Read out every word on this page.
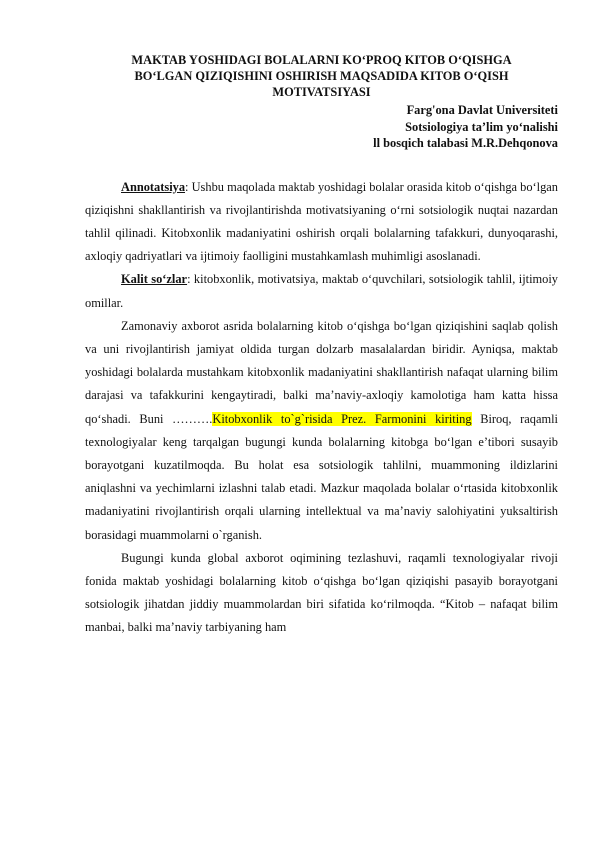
MAKTAB YOSHIDAGI BOLALARNI KO‘PROQ KITOB O‘QISHGA
BO‘LGAN QIZIQISHINI OSHIRISH MAQSADIDA KITOB O‘QISH
MOTIVATSIYASI
Farg'ona Davlat Universiteti
Sotsiologiya ta’lim yo‘nalishi
ll bosqich talabasi M.R.Dehqonova

Annotatsiya: Ushbu maqolada maktab yoshidagi bolalar orasida kitob o‘qishga bo‘lgan qiziqishni shakllantirish va rivojlantirishda motivatsiyaning o‘rni sotsiologik nuqtai nazardan tahlil qilinadi. Kitobxonlik madaniyatini oshirish orqali bolalarning tafakkuri, dunyoqarashi, axloqiy qadriyatlari va ijtimoiy faolligini mustahkamlash muhimligi asoslanadi.

Kalit so‘zlar: kitobxonlik, motivatsiya, maktab o‘quvchilari, sotsiologik tahlil, ijtimoiy omillar.

Zamonaviy axborot asrida bolalarning kitob o‘qishga bo‘lgan qiziqishini saqlab qolish va uni rivojlantirish jamiyat oldida turgan dolzarb masalalardan biridir. Ayniqsa, maktab yoshidagi bolalarda mustahkam kitobxonlik madaniyatini shakllantirish nafaqat ularning bilim darajasi va tafakkurini kengaytiradi, balki ma’naviy-axloqiy kamolotiga ham katta hissa qo‘shadi. Buni ……….Kitobxonlik to`g`risida Prez. Farmonini kiriting Biroq, raqamli texnologiyalar keng tarqalgan bugungi kunda bolalarning kitobga bo‘lgan e’tibori susayib borayotgani kuzatilmoqda. Bu holat esa sotsiologik tahlilni, muammoning ildizlarini aniqlashni va yechimlarni izlashni talab etadi. Mazkur maqolada bolalar o‘rtasida kitobxonlik madaniyatini rivojlantirish orqali ularning intellektual va ma’naviy salohiyatini yuksaltirish borasidagi muammolarni o`rganish.

Bugungi kunda global axborot oqimining tezlashuvi, raqamli texnologiyalar rivoji fonida maktab yoshidagi bolalarning kitob o‘qishga bo‘lgan qiziqishi pasayib borayotgani sotsiologik jihatdan jiddiy muammolardan biri sifatida ko‘rilmoqda. “Kitob – nafaqat bilim manbai, balki ma’naviy tarbiyaning ham
